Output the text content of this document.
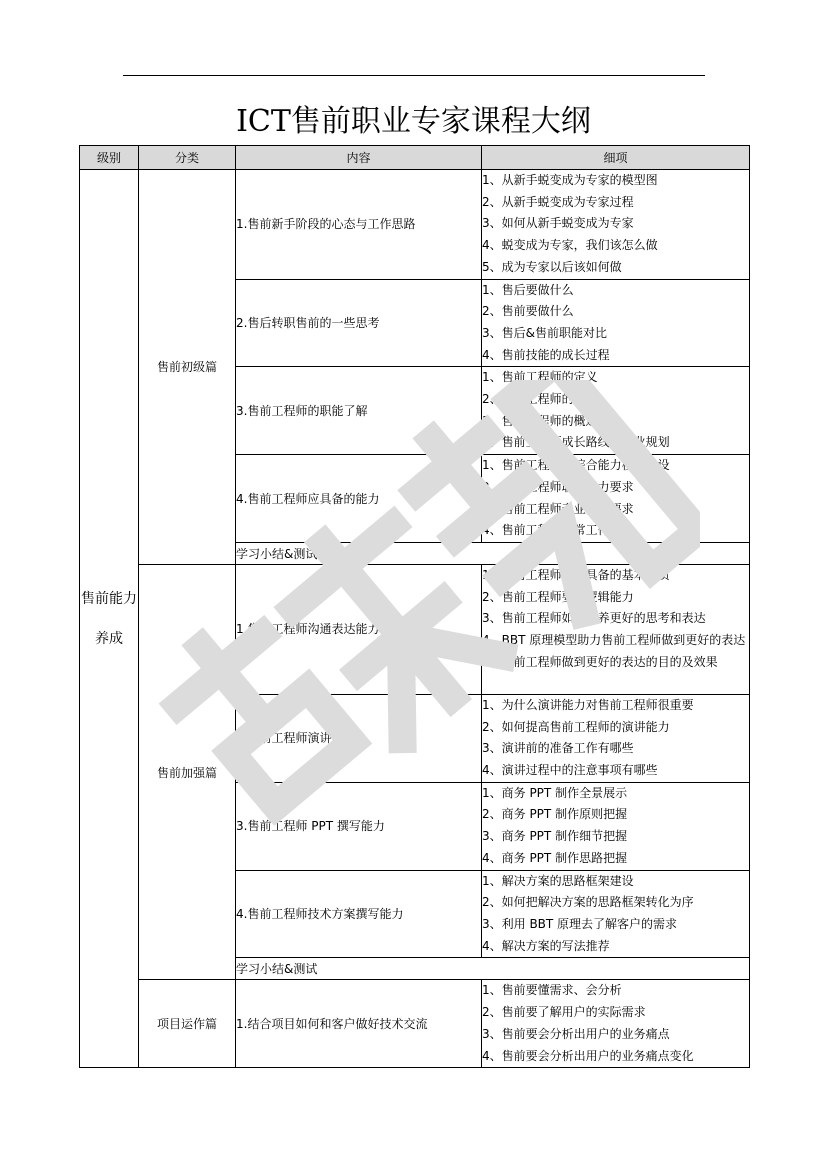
ICT售前职业专家课程大纲
级别	分类	内容	细项
售前能力养成	售前初级篇	1.售前新手阶段的心态与工作思路	1、从新手蜕变成为专家的模型图
2、从新手蜕变成为专家过程
3、如何从新手蜕变成为专家
4、蜕变成为专家，我们该怎么做
5、成为专家以后该如何做

		2.售后转职售前的一些思考	1、售后要做什么
2、售前要做什么
3、售后&售前职能对比
4、售前技能的成长过程

		3.售前工程师的职能了解	1、售前工程师的定义
2、售前工程师的分类
3、售前工程师的概述
4、售前工程师成长路线和职业规划

		4.售前工程师应具备的能力	1、售前工程师的综合能力模型建设
2、售前工程师职业能力要求
3、售前工程师专业能力要求
4、售前工程师日常工作

		学习小结&测试	
	售前加强篇	1.售前工程师沟通表达能力	1、售前工程师应该具备的基本素质
2、售前工程师要有逻辑能力
3、售前工程师如何培养更好的思考和表达
4、BBT 原理模型助力售前工程师做到更好的表达
5、售前工程师做到更好的表达的目的及效果

		2.售前工程师演讲能力	1、为什么演讲能力对售前工程师很重要
2、如何提高售前工程师的演讲能力
3、演讲前的准备工作有哪些
4、演讲过程中的注意事项有哪些

		3.售前工程师 PPT 撰写能力	1、商务 PPT 制作全景展示
2、商务 PPT 制作原则把握
3、商务 PPT 制作细节把握
4、商务 PPT 制作思路把握

		4.售前工程师技术方案撰写能力	1、解决方案的思路框架建设
2、如何把解决方案的思路框架转化为序
3、利用 BBT 原理去了解客户的需求
4、解决方案的写法推荐

		学习小结&测试	
	项目运作篇	1.结合项目如何和客户做好技术交流	1、售前要懂需求、会分析
2、售前要了解用户的实际需求
3、售前要会分析出用户的业务痛点
4、售前要会分析出用户的业务痛点变化
